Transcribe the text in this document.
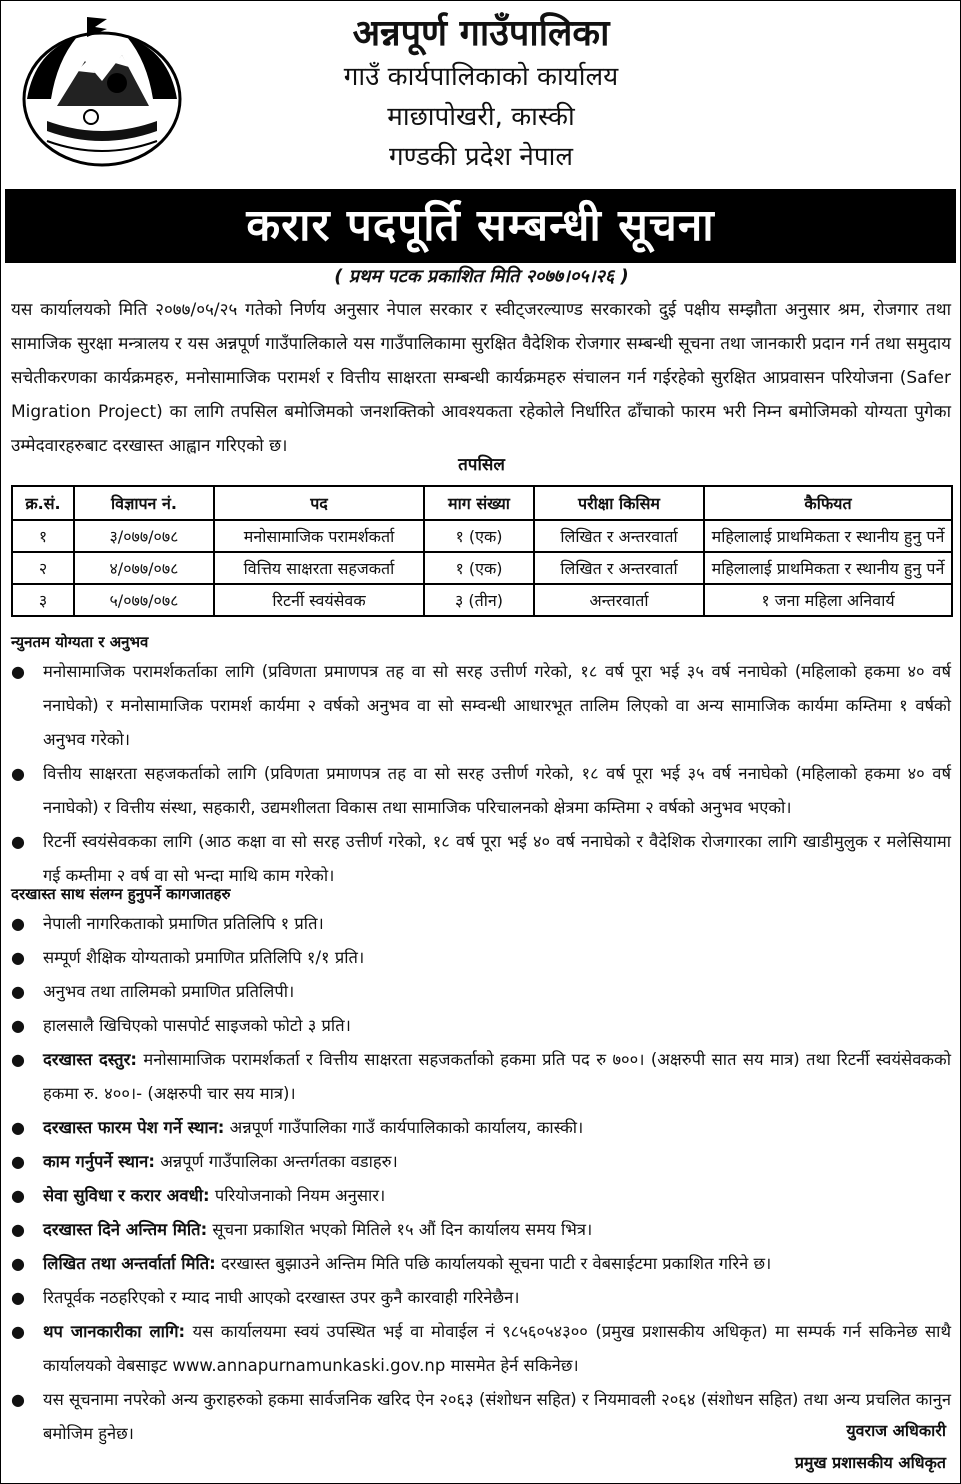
अन्नपूर्ण गाउँपालिका

गाउँ कार्यपालिकाको कार्यालय

माछापोखरी, कास्की

गण्डकी प्रदेश नेपाल

करार पदपूर्ति सम्बन्धी सूचना
( प्रथम पटक प्रकाशित मिति २०७७।०५।२६ )

यस कार्यालयको मिति २०७७/०५/२५ गतेको निर्णय अनुसार नेपाल सरकार र स्वीट्जरल्याण्ड सरकारको दुई पक्षीय सम्झौता अनुसार श्रम, रोजगार तथा सामाजिक सुरक्षा मन्त्रालय र यस अन्नपूर्ण गाउँपालिकाले यस गाउँपालिकामा सुरक्षित वैदेशिक रोजगार सम्बन्धी सूचना तथा जानकारी प्रदान गर्न तथा समुदाय सचेतीकरणका कार्यक्रमहरु, मनोसामाजिक परामर्श र वित्तीय साक्षरता सम्बन्धी कार्यक्रमहरु संचालन गर्न गईरहेको सुरक्षित आप्रवासन परियोजना (Safer Migration Project) का लागि तपसिल बमोजिमको जनशक्तिको आवश्यकता रहेकोले निर्धारित ढाँचाको फारम भरी निम्न बमोजिमको योग्यता पुगेका उम्मेदवारहरुबाट दरखास्त आह्वान गरिएको छ।

तपसिल
क्र.सं.	विज्ञापन नं.	पद	माग संख्या	परीक्षा किसिम	कैफियत
१	३/०७७/०७८	मनोसामाजिक परामर्शकर्ता	१ (एक)	लिखित र अन्तरवार्ता	महिलालाई प्राथमिकता र स्थानीय हुनु पर्ने
२	४/०७७/०७८	वित्तिय साक्षरता सहजकर्ता	१ (एक)	लिखित र अन्तरवार्ता	महिलालाई प्राथमिकता र स्थानीय हुनु पर्ने
३	५/०७७/०७८	रिटर्नी स्वयंसेवक	३ (तीन)	अन्तरवार्ता	१ जना महिला अनिवार्य

न्युनतम योग्यता र अनुभव

● मनोसामाजिक परामर्शकर्ताका लागि (प्रविणता प्रमाणपत्र तह वा सो सरह उत्तीर्ण गरेको, १८ वर्ष पूरा भई ३५ वर्ष ननाघेको (महिलाको हकमा ४० वर्ष ननाघेको) र मनोसामाजिक परामर्श कार्यमा २ वर्षको अनुभव वा सो सम्वन्धी आधारभूत तालिम लिएको वा अन्य सामाजिक कार्यमा कम्तिमा १ वर्षको अनुभव गरेको।
● वित्तीय साक्षरता सहजकर्ताको लागि (प्रविणता प्रमाणपत्र तह वा सो सरह उत्तीर्ण गरेको, १८ वर्ष पूरा भई ३५ वर्ष ननाघेको (महिलाको हकमा ४० वर्ष ननाघेको) र वित्तीय संस्था, सहकारी, उद्यमशीलता विकास तथा सामाजिक परिचालनको क्षेत्रमा कम्तिमा २ वर्षको अनुभव भएको।
● रिटर्नी स्वयंसेवकका लागि (आठ कक्षा वा सो सरह उत्तीर्ण गरेको, १८ वर्ष पूरा भई ४० वर्ष ननाघेको र वैदेशिक रोजगारका लागि खाडीमुलुक र मलेसियामा गई कम्तीमा २ वर्ष वा सो भन्दा माथि काम गरेको।

दरखास्त साथ संलग्न हुनुपर्ने कागजातहरु

● नेपाली नागरिकताको प्रमाणित प्रतिलिपि १ प्रति।
● सम्पूर्ण शैक्षिक योग्यताको प्रमाणित प्रतिलिपि १/१ प्रति।
● अनुभव तथा तालिमको प्रमाणित प्रतिलिपी।
● हालसालै खिचिएको पासपोर्ट साइजको फोटो ३ प्रति।
● दरखास्त दस्तुर: मनोसामाजिक परामर्शकर्ता र वित्तीय साक्षरता सहजकर्ताको हकमा प्रति पद रु ७००। (अक्षरुपी सात सय मात्र) तथा रिटर्नी स्वयंसेवकको हकमा रु. ४००।- (अक्षरुपी चार सय मात्र)।
● दरखास्त फारम पेश गर्ने स्थान: अन्नपूर्ण गाउँपालिका गाउँ कार्यपालिकाको कार्यालय, कास्की।
● काम गर्नुपर्ने स्थान: अन्नपूर्ण गाउँपालिका अन्तर्गतका वडाहरु।
● सेवा सुविधा र करार अवधी: परियोजनाको नियम अनुसार।
● दरखास्त दिने अन्तिम मिति: सूचना प्रकाशित भएको मितिले १५ औं दिन कार्यालय समय भित्र।
● लिखित तथा अन्तर्वार्ता मिति: दरखास्त बुझाउने अन्तिम मिति पछि कार्यालयको सूचना पाटी र वेबसाईटमा प्रकाशित गरिने छ।
● रितपूर्वक नठहरिएको र म्याद नाघी आएको दरखास्त उपर कुनै कारवाही गरिनेछैन।
● थप जानकारीका लागि: यस कार्यालयमा स्वयं उपस्थित भई वा मोवाईल नं ९८५६०५४३०० (प्रमुख प्रशासकीय अधिकृत) मा सम्पर्क गर्न सकिनेछ साथै कार्यालयको वेबसाइट www.annapurnamunkaski.gov.np मासमेत हेर्न सकिनेछ।
● यस सूचनामा नपरेको अन्य कुराहरुको हकमा सार्वजनिक खरिद ऐन २०६३ (संशोधन सहित) र नियमावली २०६४ (संशोधन सहित) तथा अन्य प्रचलित कानुन बमोजिम हुनेछ।	युवराज अधिकारी
प्रमुख प्रशासकीय अधिकृत
